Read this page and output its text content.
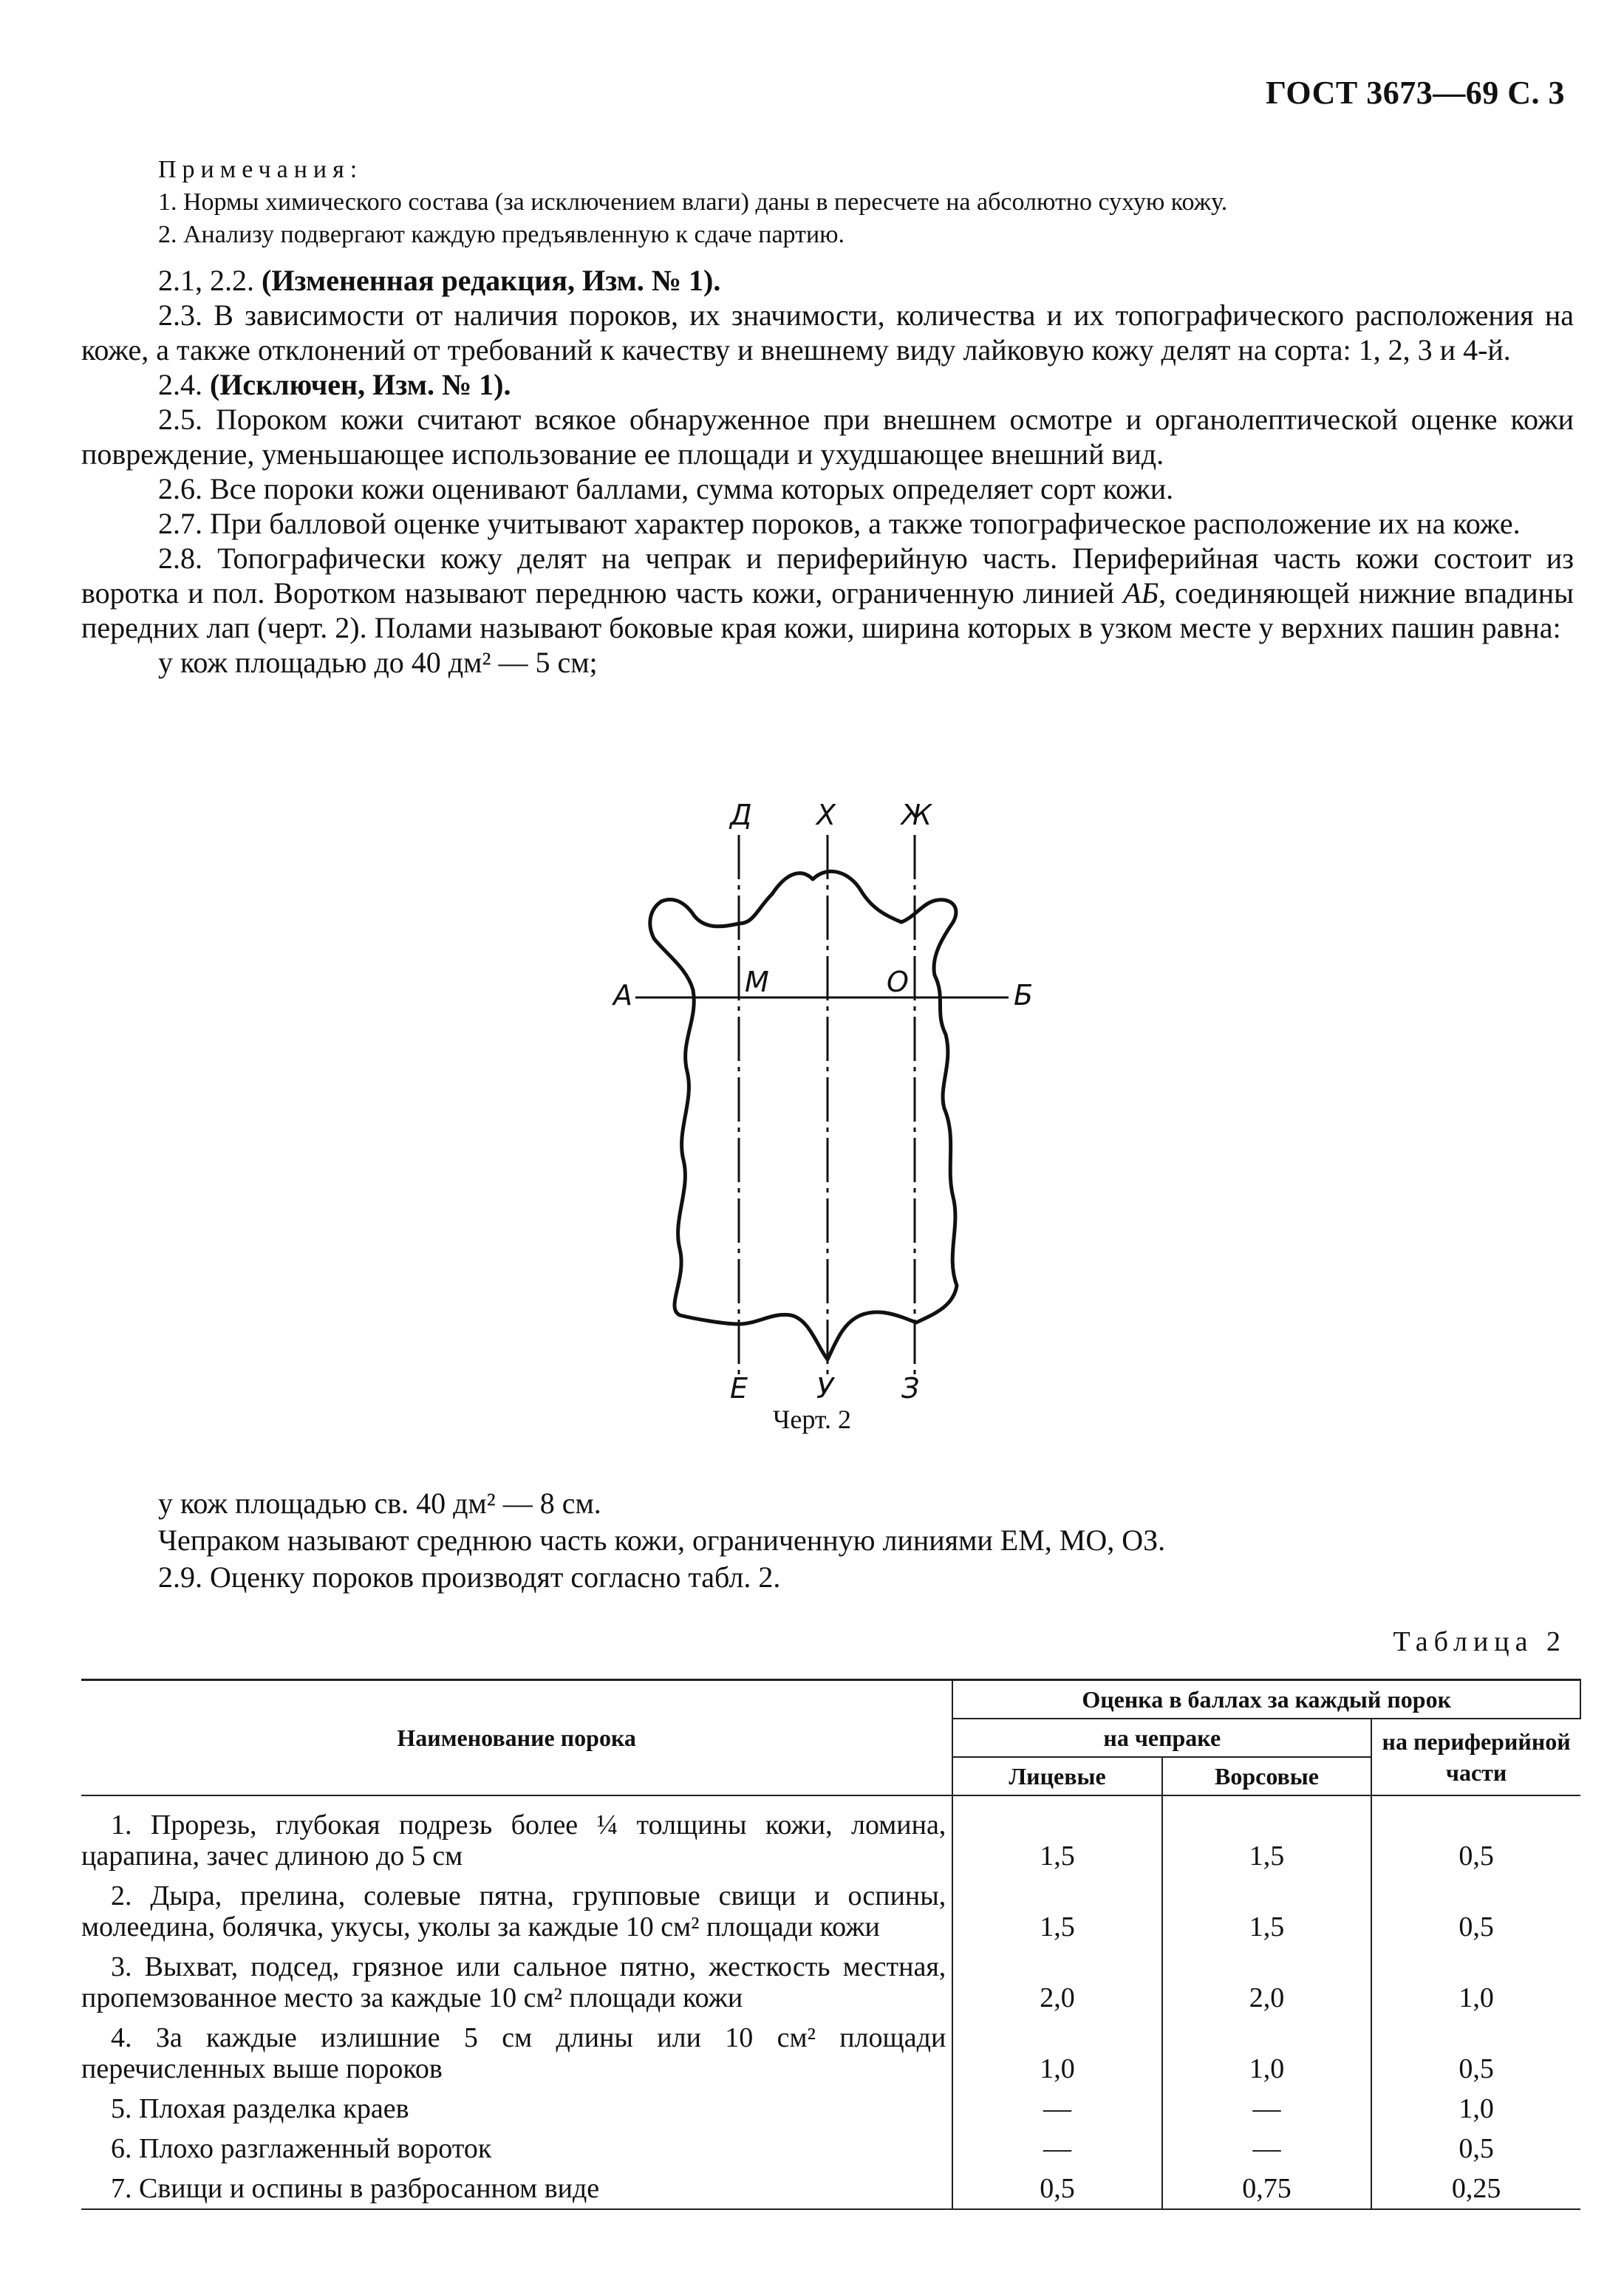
ГОСТ 3673—69 С. 3
Примечания:
1. Нормы химического состава (за исключением влаги) даны в пересчете на абсолютно сухую кожу.
2. Анализу подвергают каждую предъявленную к сдаче партию.

2.1, 2.2. (Измененная редакция, Изм. № 1).

2.3. В зависимости от наличия пороков, их значимости, количества и их топографического расположения на коже, а также отклонений от требований к качеству и внешнему виду лайковую кожу делят на сорта: 1, 2, 3 и 4-й.

2.4. (Исключен, Изм. № 1).

2.5. Пороком кожи считают всякое обнаруженное при внешнем осмотре и органолептической оценке кожи повреждение, уменьшающее использование ее площади и ухудшающее внешний вид.

2.6. Все пороки кожи оценивают баллами, сумма которых определяет сорт кожи.

2.7. При балловой оценке учитывают характер пороков, а также топографическое расположение их на коже.

2.8. Топографически кожу делят на чепрак и периферийную часть. Периферийная часть кожи состоит из воротка и пол. Воротком называют переднюю часть кожи, ограниченную линией АБ, соединяющей нижние впадины передних лап (черт. 2). Полами называют боковые края кожи, ширина которых в узком месте у верхних пашин равна:

у кож площадью до 40 дм² — 5 см;

Д Х Ж
А	М	О	Б
Е У З
Черт. 2

у кож площадью св. 40 дм² — 8 см.

Чепраком называют среднюю часть кожи, ограниченную линиями ЕМ, МО, ОЗ.

2.9. Оценку пороков производят согласно табл. 2.

Таблица 2
Наименование порока	Оценка в баллах за каждый порок		
	на чепраке		на периферийной части
	Лицевые	Ворсовые	
1. Прорезь, глубокая подрезь более ¼ толщины кожи, ломина, царапина, зачес длиною до 5 см	1,5	1,5	0,5
2. Дыра, прелина, солевые пятна, групповые свищи и оспины, молеедина, болячка, укусы, уколы за каждые 10 см² площади кожи	1,5	1,5	0,5
3. Выхват, подсед, грязное или сальное пятно, жесткость местная, пропемзованное место за каждые 10 см² площади кожи	2,0	2,0	1,0
4. За каждые излишние 5 см длины или 10 см² площади перечисленных выше пороков	1,0	1,0	0,5
5. Плохая разделка краев	—	—	1,0
6. Плохо разглаженный вороток	—	—	0,5
7. Свищи и оспины в разбросанном виде	0,5	0,75	0,25
